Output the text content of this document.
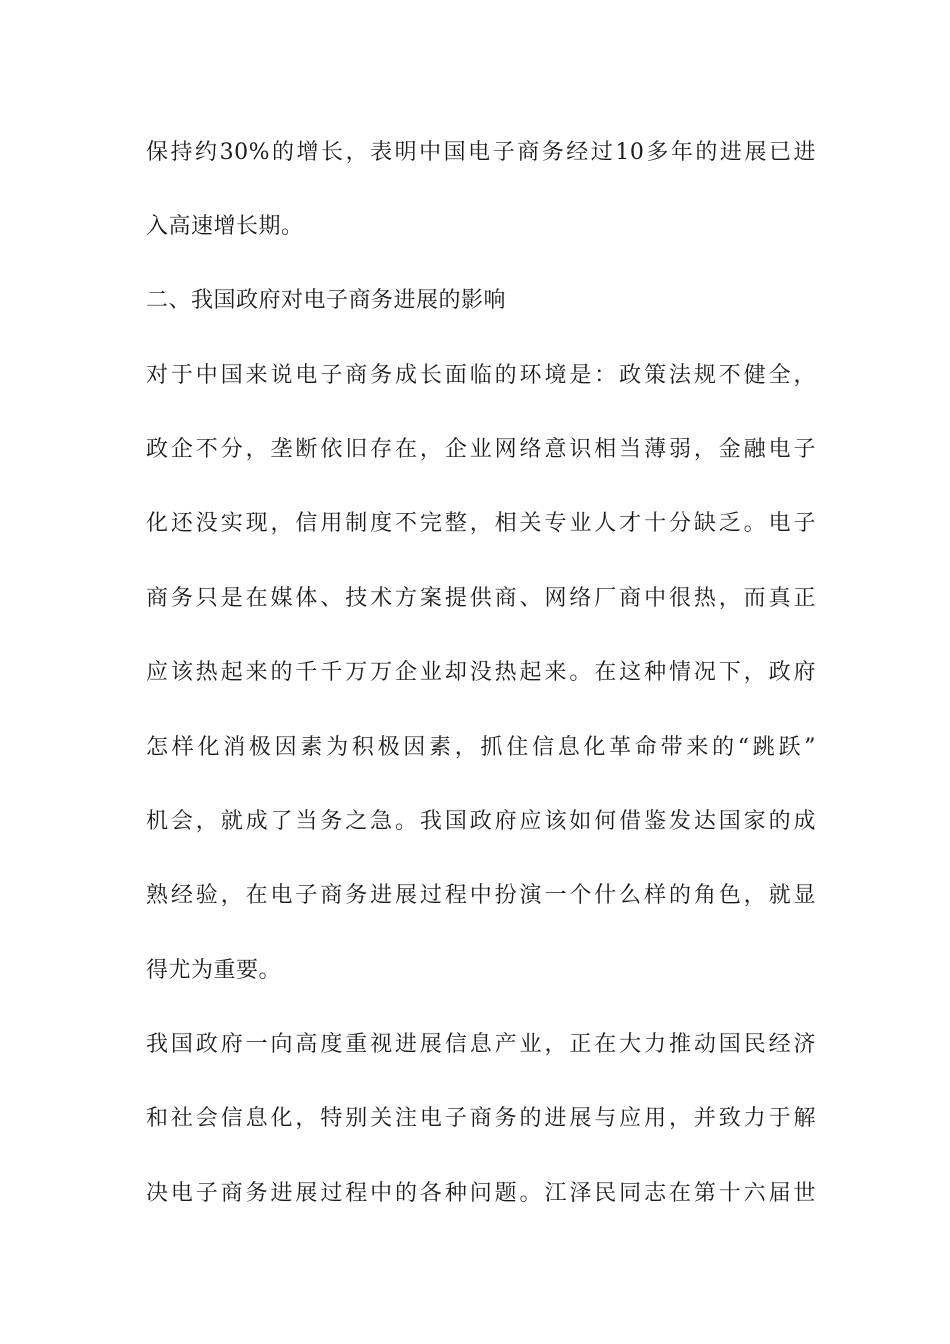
保持约30%的增长，表明中国电子商务经过10多年的进展已进
入高速增长期。
二、我国政府对电子商务进展的影响
对于中国来说电子商务成长面临的环境是：政策法规不健全，
政企不分，垄断依旧存在，企业网络意识相当薄弱，金融电子
化还没实现，信用制度不完整，相关专业人才十分缺乏。电子
商务只是在媒体、技术方案提供商、网络厂商中很热，而真正
应该热起来的千千万万企业却没热起来。在这种情况下，政府
怎样化消极因素为积极因素，抓住信息化革命带来的“跳跃”
机会，就成了当务之急。我国政府应该如何借鉴发达国家的成
熟经验，在电子商务进展过程中扮演一个什么样的角色，就显
得尤为重要。
我国政府一向高度重视进展信息产业，正在大力推动国民经济
和社会信息化，特别关注电子商务的进展与应用，并致力于解
决电子商务进展过程中的各种问题。江泽民同志在第十六届世
